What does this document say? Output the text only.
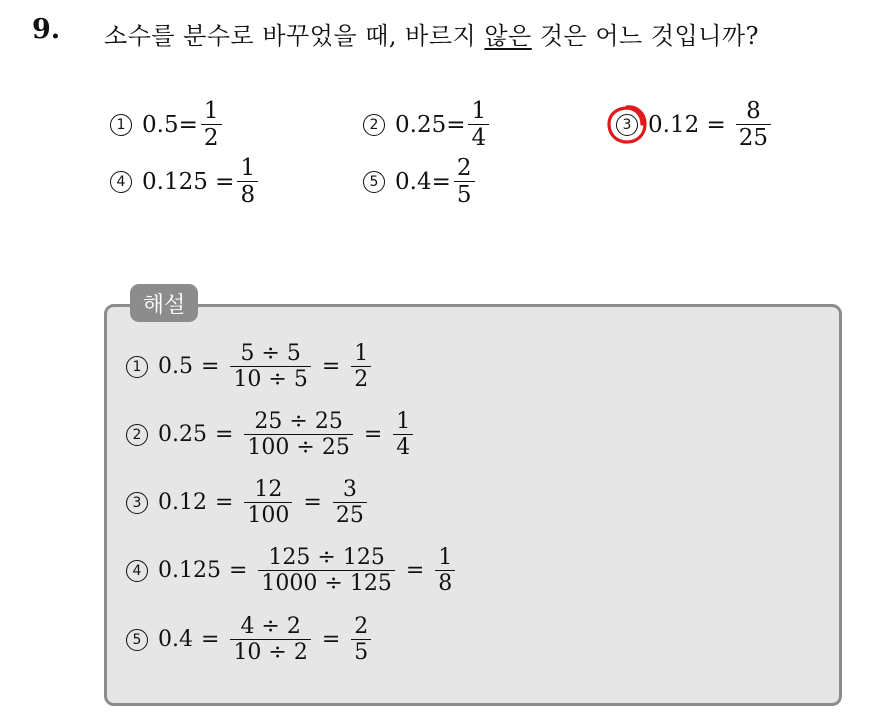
9. 소수를 분수로 바꾸었을 때, 바르지 않은 것은 어느 것입니까?
1 $0.5= \frac{1}{2}$	2 $0.25= \frac{1}{4}$	3 $0.12 = \frac{8}{25}$
4 $0.125 = \frac{1}{8}$	5 $0.4= \frac{2}{5}$
해설
1 $0.5 = \frac{5 \div 5}{10 \div 5} = \frac{1}{2}$
2 $0.25 = \frac{25 \div 25}{100 \div 25} = \frac{1}{4}$
3 $0.12 = \frac{12}{100} = \frac{3}{25}$
4 $0.125 = \frac{125 \div 125}{1000 \div 125} = \frac{1}{8}$
5 $0.4 = \frac{4 \div 2}{10 \div 2} = \frac{2}{5}$
